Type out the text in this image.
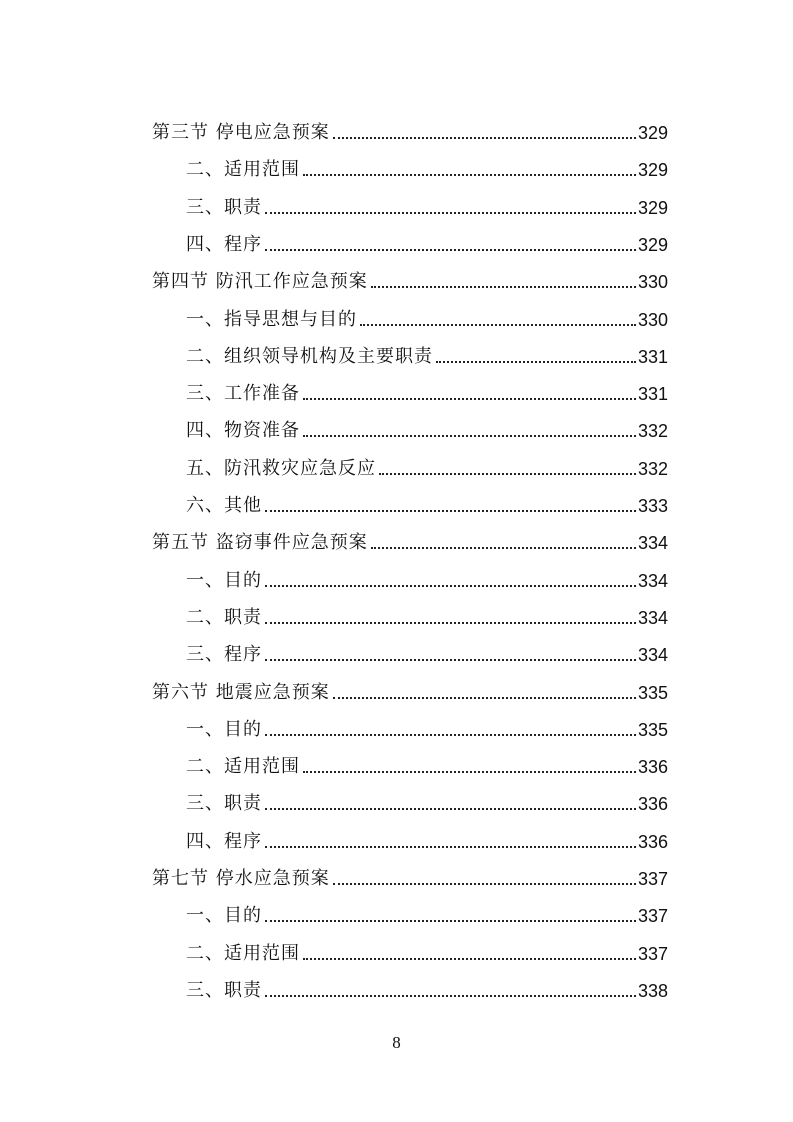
第三节 停电应急预案	329
二、适用范围	329
三、职责	329
四、程序	329
第四节 防汛工作应急预案	330
一、指导思想与目的	330
二、组织领导机构及主要职责	331
三、工作准备	331
四、物资准备	332
五、防汛救灾应急反应	332
六、其他	333
第五节 盗窃事件应急预案	334
一、目的	334
二、职责	334
三、程序	334
第六节 地震应急预案	335
一、目的	335
二、适用范围	336
三、职责	336
四、程序	336
第七节 停水应急预案	337
一、目的	337
二、适用范围	337
三、职责	338
8
